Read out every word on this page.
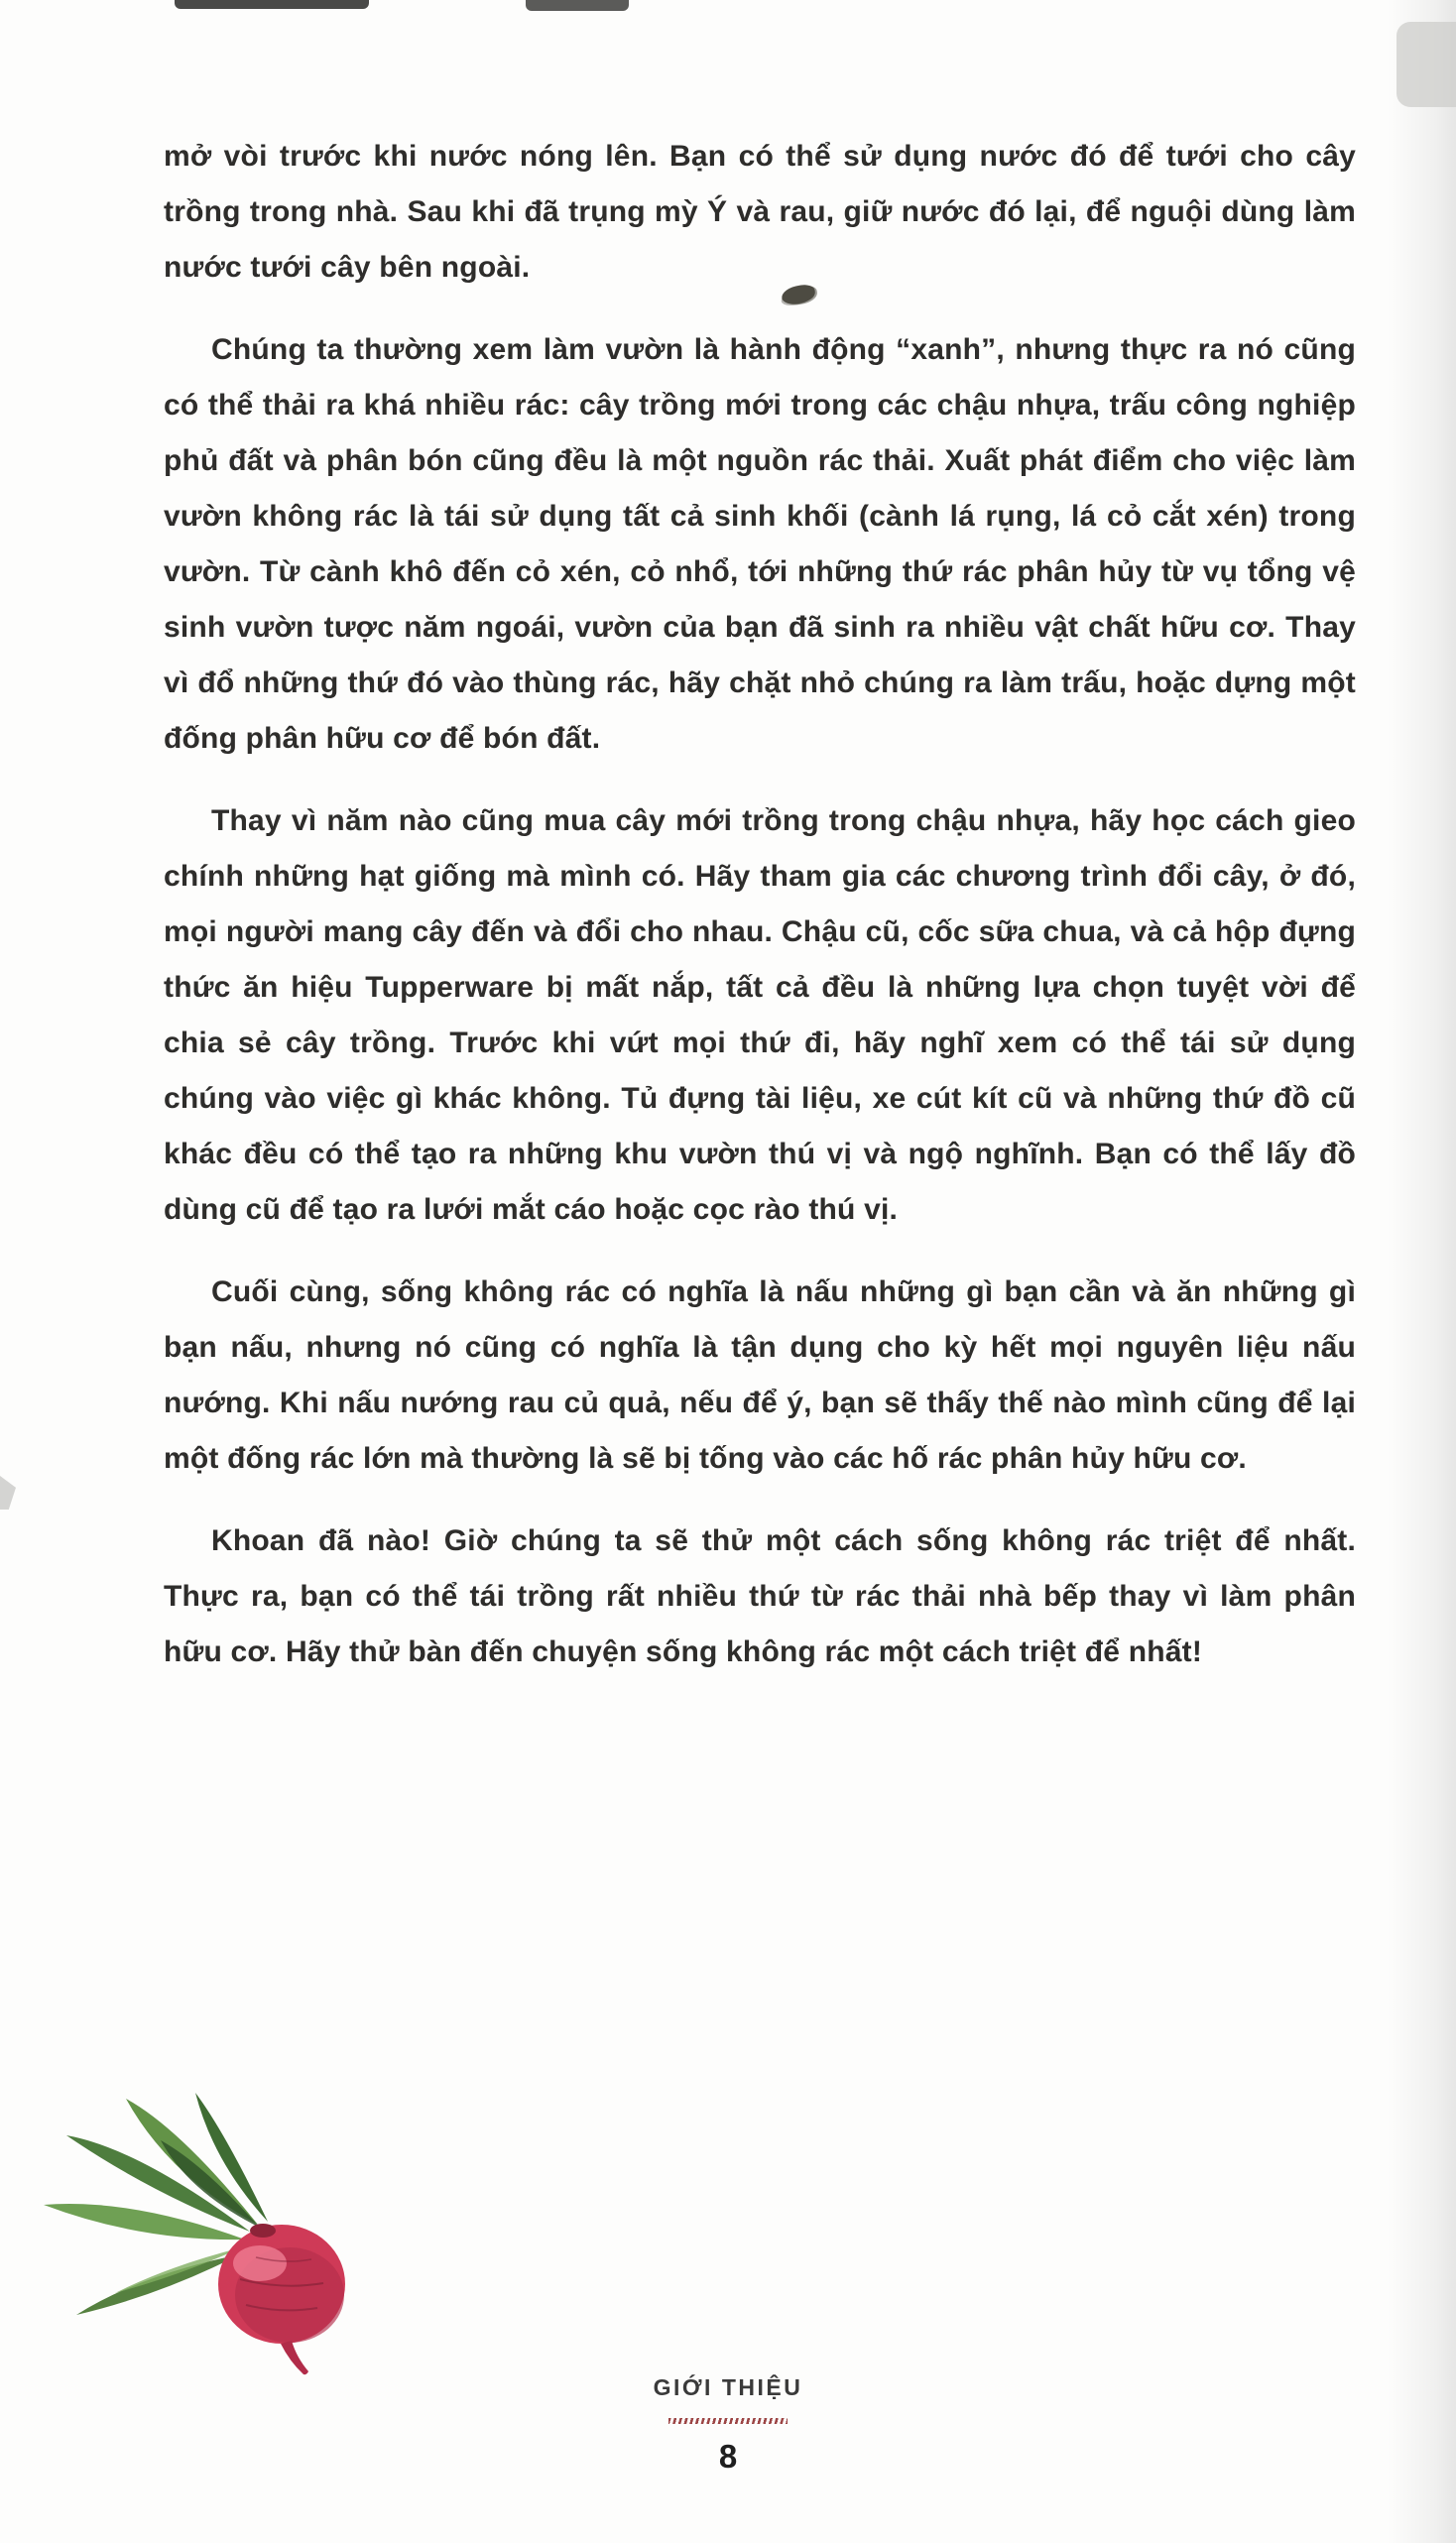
mở vòi trước khi nước nóng lên. Bạn có thể sử dụng nước đó để tưới cho cây trồng trong nhà. Sau khi đã trụng mỳ Ý và rau, giữ nước đó lại, để nguội dùng làm nước tưới cây bên ngoài.

Chúng ta thường xem làm vườn là hành động “xanh”, nhưng thực ra nó cũng có thể thải ra khá nhiều rác: cây trồng mới trong các chậu nhựa, trấu công nghiệp phủ đất và phân bón cũng đều là một nguồn rác thải. Xuất phát điểm cho việc làm vườn không rác là tái sử dụng tất cả sinh khối (cành lá rụng, lá cỏ cắt xén) trong vườn. Từ cành khô đến cỏ xén, cỏ nhổ, tới những thứ rác phân hủy từ vụ tổng vệ sinh vườn tược năm ngoái, vườn của bạn đã sinh ra nhiều vật chất hữu cơ. Thay vì đổ những thứ đó vào thùng rác, hãy chặt nhỏ chúng ra làm trấu, hoặc dựng một đống phân hữu cơ để bón đất.

Thay vì năm nào cũng mua cây mới trồng trong chậu nhựa, hãy học cách gieo chính những hạt giống mà mình có. Hãy tham gia các chương trình đổi cây, ở đó, mọi người mang cây đến và đổi cho nhau. Chậu cũ, cốc sữa chua, và cả hộp đựng thức ăn hiệu Tupperware bị mất nắp, tất cả đều là những lựa chọn tuyệt vời để chia sẻ cây trồng. Trước khi vứt mọi thứ đi, hãy nghĩ xem có thể tái sử dụng chúng vào việc gì khác không. Tủ đựng tài liệu, xe cút kít cũ và những thứ đồ cũ khác đều có thể tạo ra những khu vườn thú vị và ngộ nghĩnh. Bạn có thể lấy đồ dùng cũ để tạo ra lưới mắt cáo hoặc cọc rào thú vị.

Cuối cùng, sống không rác có nghĩa là nấu những gì bạn cần và ăn những gì bạn nấu, nhưng nó cũng có nghĩa là tận dụng cho kỳ hết mọi nguyên liệu nấu nướng. Khi nấu nướng rau củ quả, nếu để ý, bạn sẽ thấy thế nào mình cũng để lại một đống rác lớn mà thường là sẽ bị tống vào các hố rác phân hủy hữu cơ.

Khoan đã nào! Giờ chúng ta sẽ thử một cách sống không rác triệt để nhất. Thực ra, bạn có thể tái trồng rất nhiều thứ từ rác thải nhà bếp thay vì làm phân hữu cơ. Hãy thử bàn đến chuyện sống không rác một cách triệt để nhất!

GIỚI THIỆU
8
